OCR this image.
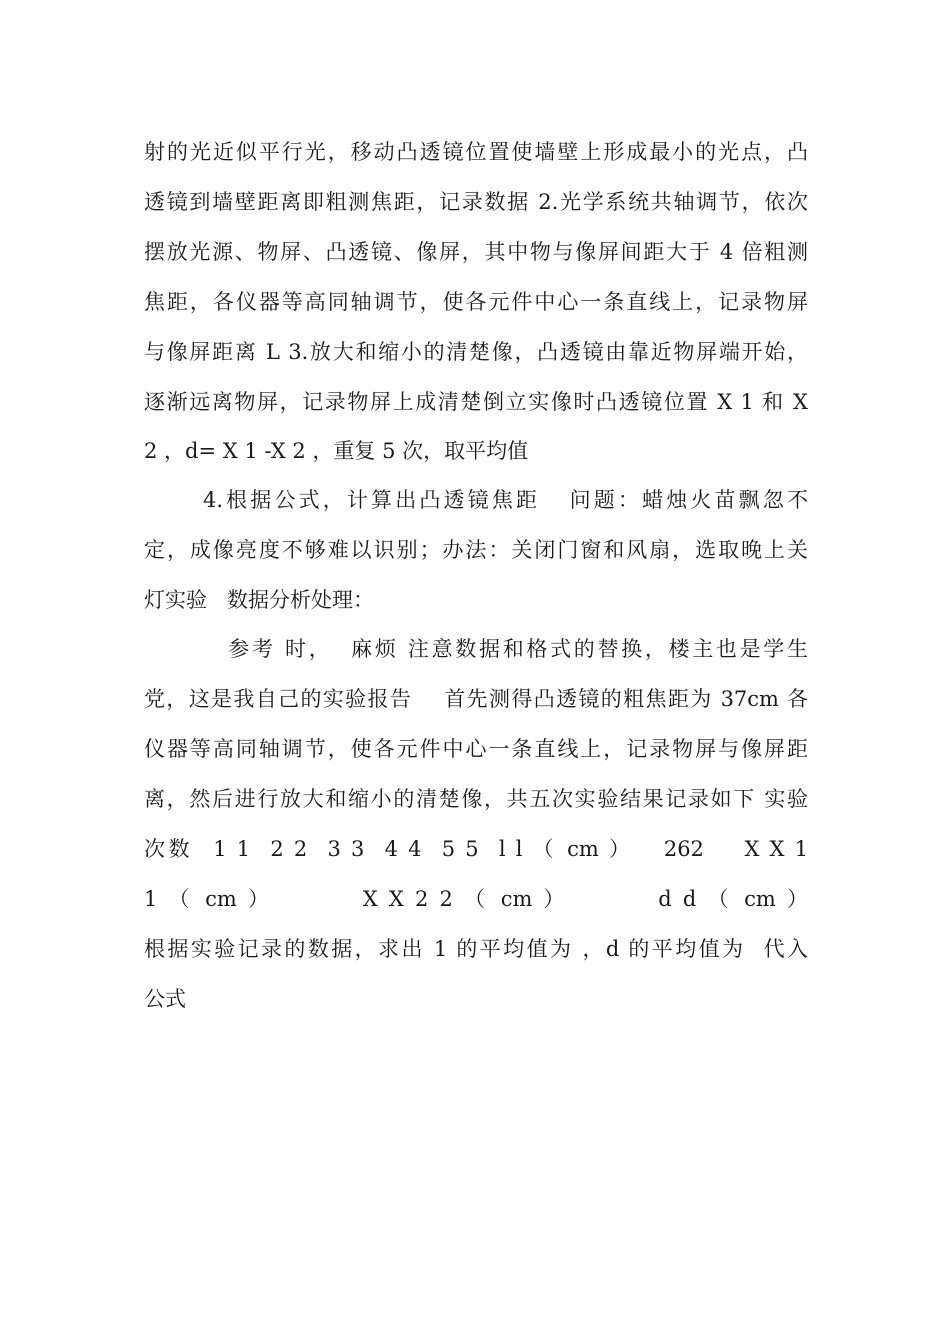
射的光近似平行光，移动凸透镜位置使墙壁上形成最小的光点，凸
透镜到墙壁距离即粗测焦距，记录数据 2.光学系统共轴调节，依次
摆放光源、物屏、凸透镜、像屏，其中物与像屏间距大于 4 倍粗测
焦距，各仪器等高同轴调节，使各元件中心一条直线上，记录物屏
与像屏距离 L 3.放大和缩小的清楚像，凸透镜由靠近物屏端开始，
逐渐远离物屏，记录物屏上成清楚倒立实像时凸透镜位置 X 1 和 X
2 ，d= X 1 -X 2 ，重复 5 次，取平均值
4.根据公式，计算出凸透镜焦距   问题：蜡烛火苗飘忽不
定，成像亮度不够难以识别；办法：关闭门窗和风扇，选取晚上关
灯实验   数据分析处理：
参考 时，  麻烦 注意数据和格式的替换，楼主也是学生
党，这是我自己的实验报告    首先测得凸透镜的粗焦距为 37cm 各
仪器等高同轴调节，使各元件中心一条直线上，记录物屏与像屏距
离，然后进行放大和缩小的清楚像，共五次实验结果记录如下 实验
次数  1 1  2 2  3 3  4 4  5 5  l l （ cm ）   262    X X 1
1 （ cm ）        X X 2 2 （ cm ）        d d （ cm ）
根据实验记录的数据，求出 1 的平均值为 ，d 的平均值为  代入
公式
